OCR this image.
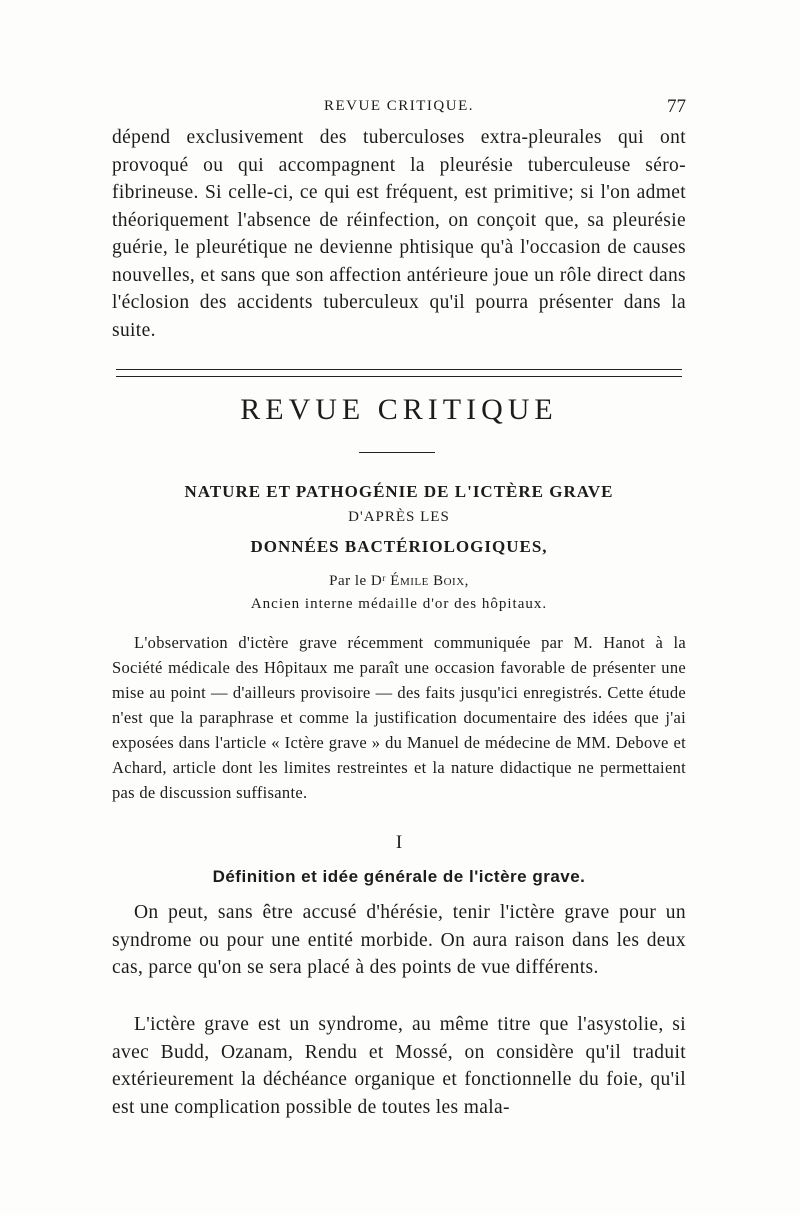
REVUE CRITIQUE.	77

dépend exclusivement des tuberculoses extra-pleurales qui ont provoqué ou qui accompagnent la pleurésie tuberculeuse séro-fibrineuse. Si celle-ci, ce qui est fréquent, est primitive; si l'on admet théoriquement l'absence de réinfection, on conçoit que, sa pleurésie guérie, le pleurétique ne devienne phtisique qu'à l'occasion de causes nouvelles, et sans que son affection antérieure joue un rôle direct dans l'éclosion des accidents tuberculeux qu'il pourra présenter dans la suite.

REVUE CRITIQUE
NATURE ET PATHOGÉNIE DE L'ICTÈRE GRAVE
D'APRÈS LES
DONNÉES BACTÉRIOLOGIQUES,
Par le Dʳ Émile Boix,
Ancien interne médaille d'or des hôpitaux.

L'observation d'ictère grave récemment communiquée par M. Hanot à la Société médicale des Hôpitaux me paraît une occasion favorable de présenter une mise au point — d'ailleurs provisoire — des faits jusqu'ici enregistrés. Cette étude n'est que la paraphrase et comme la justification documentaire des idées que j'ai exposées dans l'article « Ictère grave » du Manuel de médecine de MM. Debove et Achard, article dont les limites restreintes et la nature didactique ne permettaient pas de discussion suffisante.

I
Définition et idée générale de l'ictère grave.

On peut, sans être accusé d'hérésie, tenir l'ictère grave pour un syndrome ou pour une entité morbide. On aura raison dans les deux cas, parce qu'on se sera placé à des points de vue différents.

L'ictère grave est un syndrome, au même titre que l'asystolie, si avec Budd, Ozanam, Rendu et Mossé, on considère qu'il traduit extérieurement la déchéance organique et fonctionnelle du foie, qu'il est une complication possible de toutes les mala-
